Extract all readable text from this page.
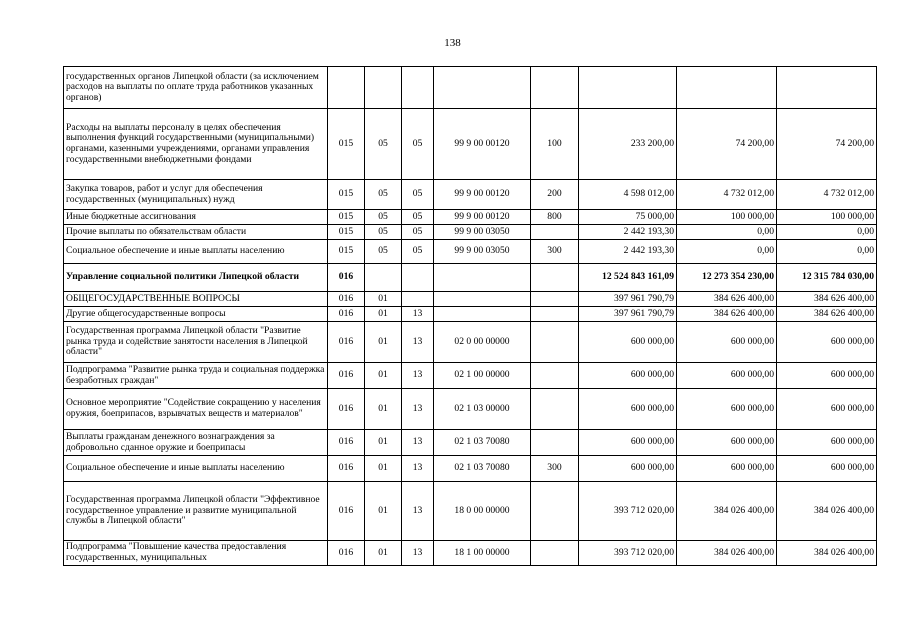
138
государственных органов Липецкой области (за исключением расходов на выплаты по оплате труда работников указанных органов)								
Расходы на выплаты персоналу в целях обеспечения выполнения функций государственными (муниципальными) органами, казенными учреждениями, органами управления государственными внебюджетными фондами	015	05	05	99 9 00 00120	100	233 200,00	74 200,00	74 200,00
Закупка товаров, работ и услуг для обеспечения государственных (муниципальных) нужд	015	05	05	99 9 00 00120	200	4 598 012,00	4 732 012,00	4 732 012,00
Иные бюджетные ассигнования	015	05	05	99 9 00 00120	800	75 000,00	100 000,00	100 000,00
Прочие выплаты по обязательствам области	015	05	05	99 9 00 03050		2 442 193,30	0,00	0,00
Социальное обеспечение и иные выплаты населению	015	05	05	99 9 00 03050	300	2 442 193,30	0,00	0,00
Управление социальной политики Липецкой области	016					12 524 843 161,09	12 273 354 230,00	12 315 784 030,00
ОБЩЕГОСУДАРСТВЕННЫЕ ВОПРОСЫ	016	01				397 961 790,79	384 626 400,00	384 626 400,00
Другие общегосударственные вопросы	016	01	13			397 961 790,79	384 626 400,00	384 626 400,00
Государственная программа Липецкой области "Развитие рынка труда и содействие занятости населения в Липецкой области"	016	01	13	02 0 00 00000		600 000,00	600 000,00	600 000,00
Подпрограмма "Развитие рынка труда и социальная поддержка безработных граждан"	016	01	13	02 1 00 00000		600 000,00	600 000,00	600 000,00
Основное мероприятие "Содействие сокращению у населения оружия, боеприпасов, взрывчатых веществ и материалов"	016	01	13	02 1 03 00000		600 000,00	600 000,00	600 000,00
Выплаты гражданам денежного вознаграждения за добровольно сданное оружие и боеприпасы	016	01	13	02 1 03 70080		600 000,00	600 000,00	600 000,00
Социальное обеспечение и иные выплаты населению	016	01	13	02 1 03 70080	300	600 000,00	600 000,00	600 000,00
Государственная программа Липецкой области "Эффективное государственное управление и развитие муниципальной службы в Липецкой области"	016	01	13	18 0 00 00000		393 712 020,00	384 026 400,00	384 026 400,00
Подпрограмма "Повышение качества предоставления государственных, муниципальных	016	01	13	18 1 00 00000		393 712 020,00	384 026 400,00	384 026 400,00
